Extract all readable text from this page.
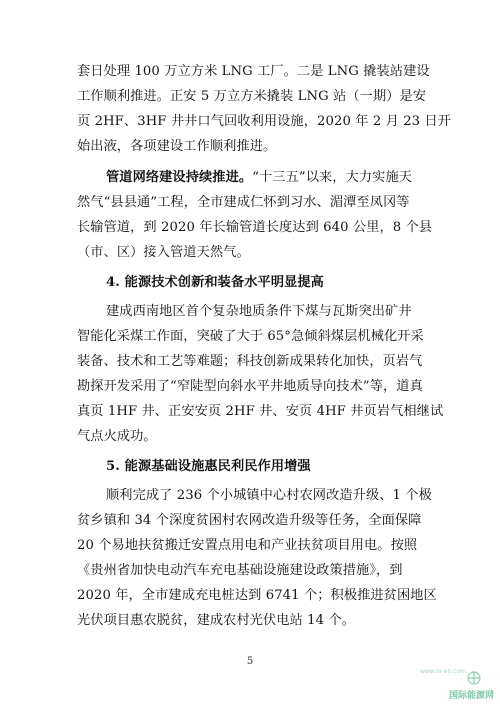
套日处理 100 万立方米 LNG 工厂。二是 LNG 撬装站建设
工作顺利推进。正安 5 万立方米撬装 LNG 站（一期）是安
页 2HF、3HF 井井口气回收利用设施，2020 年 2 月 23 日开
始出液，各项建设工作顺利推进。
管道网络建设持续推进。“十三五”以来，大力实施天
然气“县县通”工程，全市建成仁怀到习水、湄潭至凤冈等
长输管道，到 2020 年长输管道长度达到 640 公里，8 个县
（市、区）接入管道天然气。
4. 能源技术创新和装备水平明显提高
建成西南地区首个复杂地质条件下煤与瓦斯突出矿井
智能化采煤工作面，突破了大于 65°急倾斜煤层机械化开采
装备、技术和工艺等难题；科技创新成果转化加快，页岩气
勘探开发采用了“窄陡型向斜水平井地质导向技术”等，道真
真页 1HF 井、正安安页 2HF 井、安页 4HF 井页岩气相继试
气点火成功。
5. 能源基础设施惠民利民作用增强
顺利完成了 236 个小城镇中心村农网改造升级、1 个极
贫乡镇和 34 个深度贫困村农网改造升级等任务，全面保障
20 个易地扶贫搬迁安置点用电和产业扶贫项目用电。按照
《贵州省加快电动汽车充电基础设施建设政策措施》，到
2020 年，全市建成充电桩达到 6741 个；积极推进贫困地区
光伏项目惠农脱贫，建成农村光伏电站 14 个。
5
www.in-en.com
国际能源网
